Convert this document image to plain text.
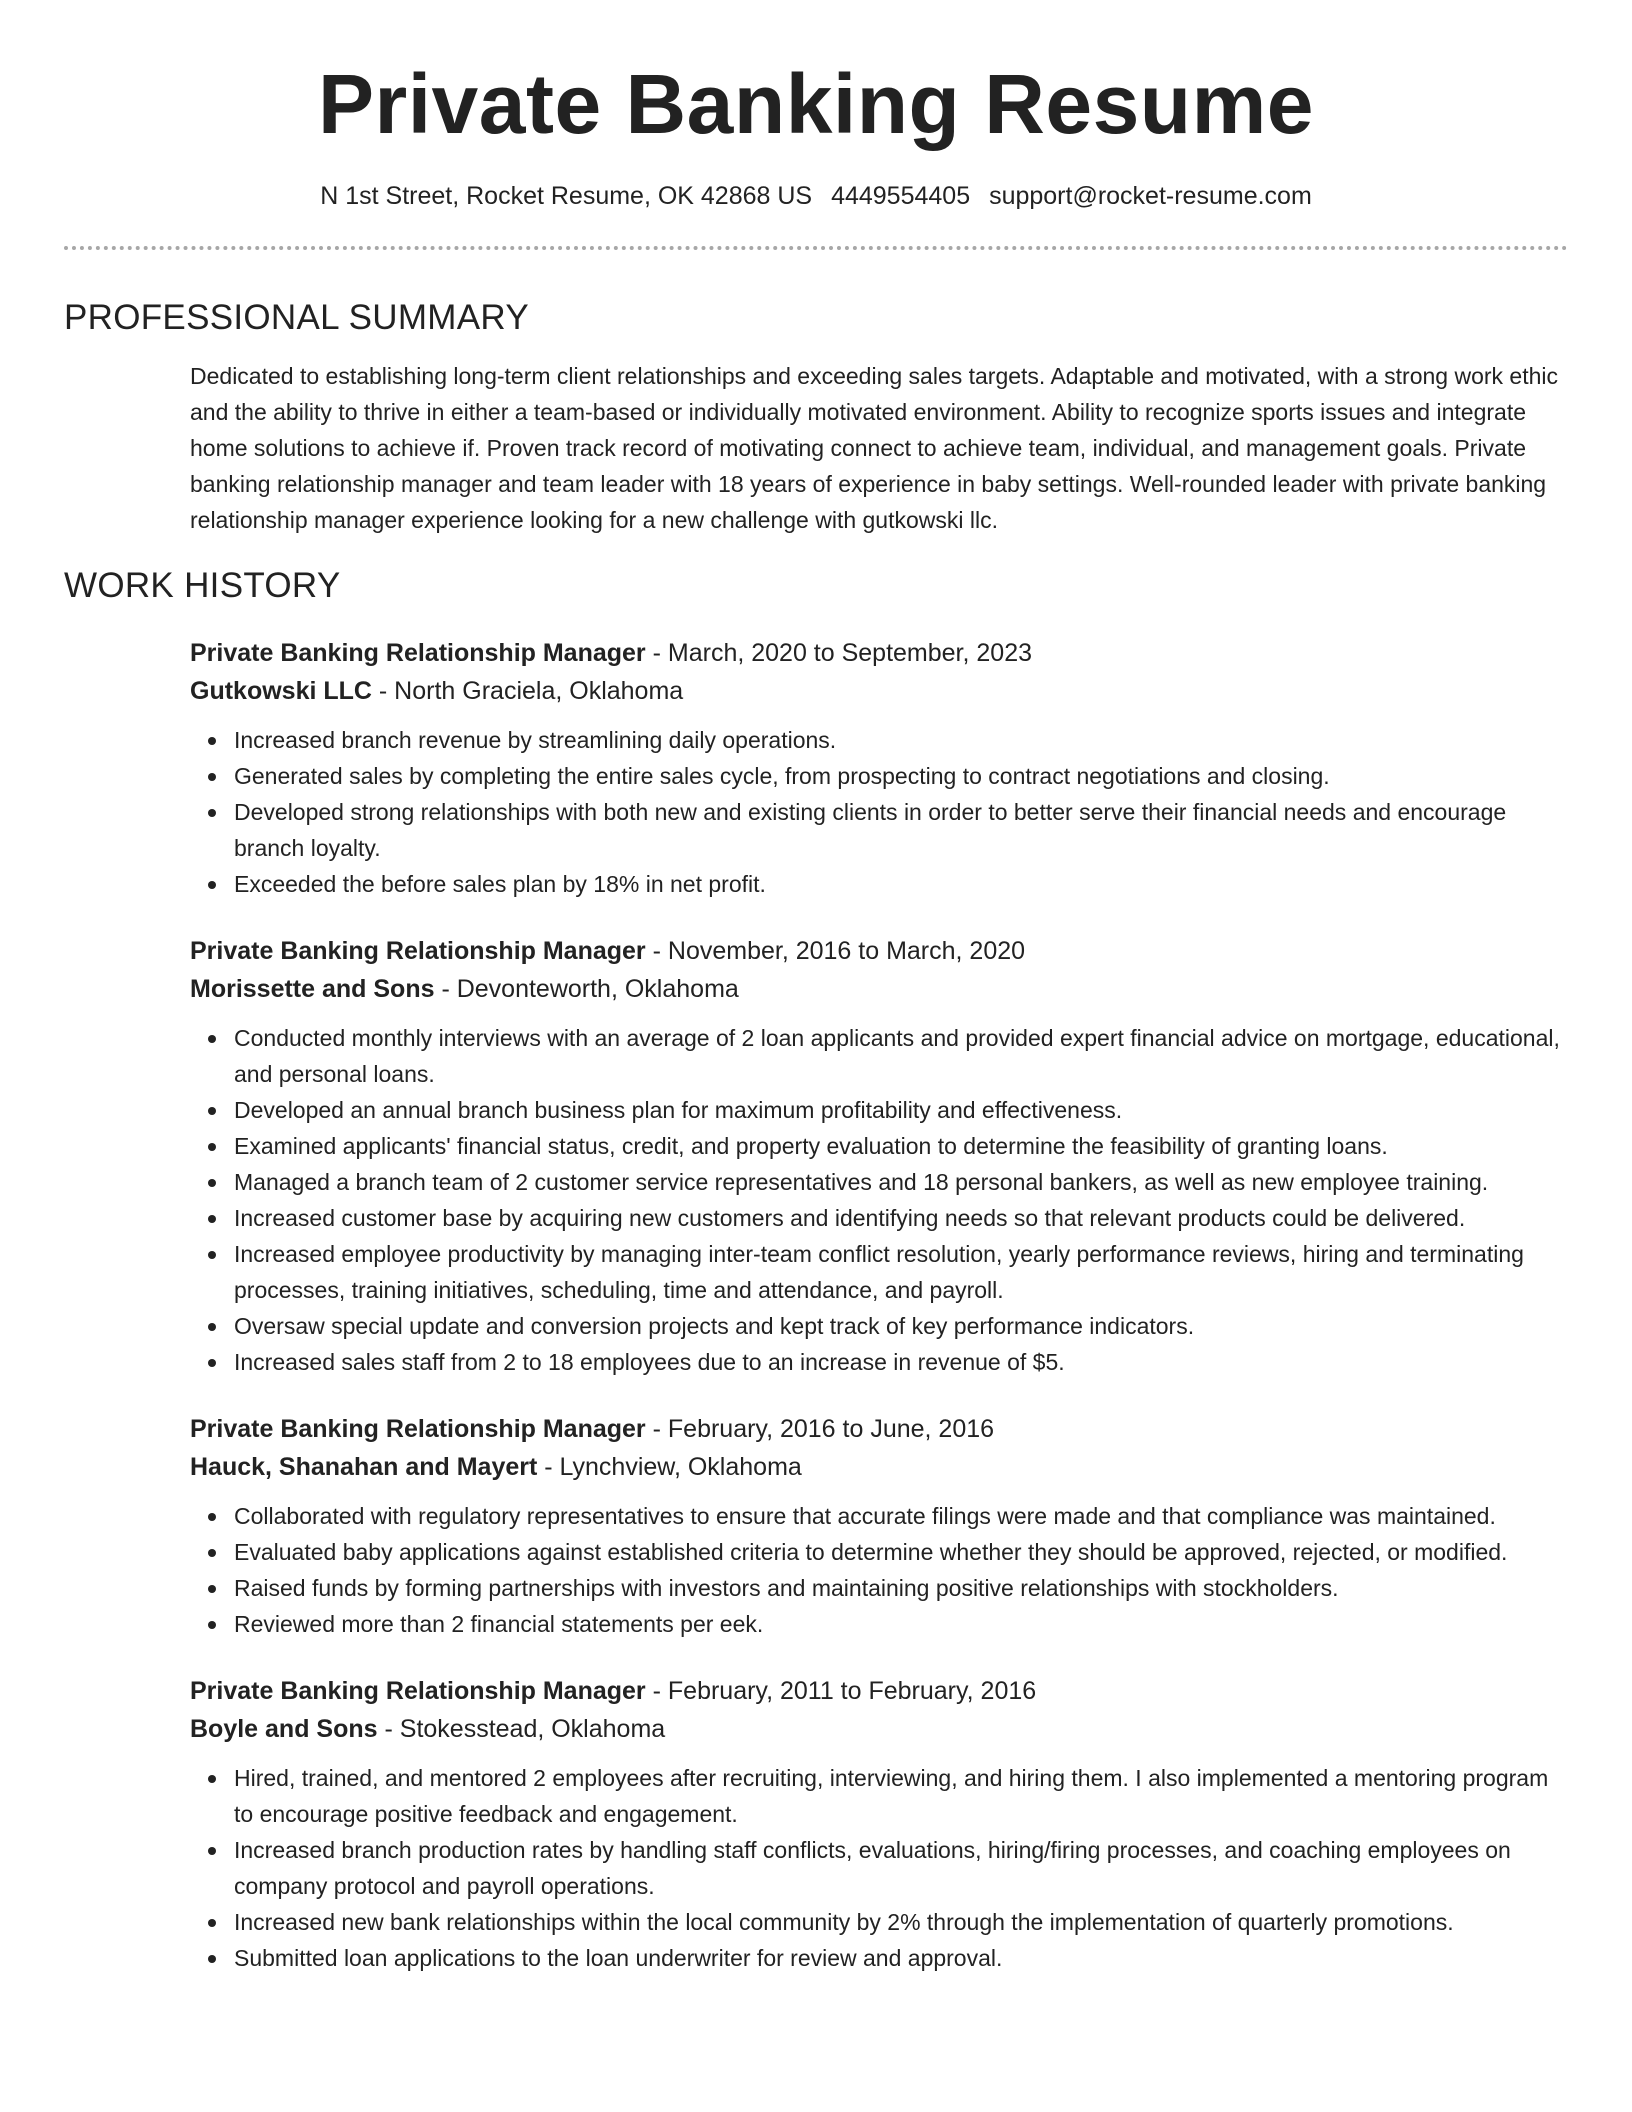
Private Banking Resume
N 1st Street, Rocket Resume, OK 42868 US 4449554405 support@rocket-resume.com
PROFESSIONAL SUMMARY

Dedicated to establishing long-term client relationships and exceeding sales targets. Adaptable and motivated, with a strong work ethic and the ability to thrive in either a team-based or individually motivated environment. Ability to recognize sports issues and integrate home solutions to achieve if. Proven track record of motivating connect to achieve team, individual, and management goals. Private banking relationship manager and team leader with 18 years of experience in baby settings. Well-rounded leader with private banking relationship manager experience looking for a new challenge with gutkowski llc.

WORK HISTORY
Private Banking Relationship Manager - March, 2020 to September, 2023
Gutkowski LLC - North Graciela, Oklahoma
Increased branch revenue by streamlining daily operations.
Generated sales by completing the entire sales cycle, from prospecting to contract negotiations and closing.
Developed strong relationships with both new and existing clients in order to better serve their financial needs and encourage branch loyalty.
Exceeded the before sales plan by 18% in net profit.
Private Banking Relationship Manager - November, 2016 to March, 2020
Morissette and Sons - Devonteworth, Oklahoma
Conducted monthly interviews with an average of 2 loan applicants and provided expert financial advice on mortgage, educational, and personal loans.
Developed an annual branch business plan for maximum profitability and effectiveness.
Examined applicants' financial status, credit, and property evaluation to determine the feasibility of granting loans.
Managed a branch team of 2 customer service representatives and 18 personal bankers, as well as new employee training.
Increased customer base by acquiring new customers and identifying needs so that relevant products could be delivered.
Increased employee productivity by managing inter-team conflict resolution, yearly performance reviews, hiring and terminating processes, training initiatives, scheduling, time and attendance, and payroll.
Oversaw special update and conversion projects and kept track of key performance indicators.
Increased sales staff from 2 to 18 employees due to an increase in revenue of $5.
Private Banking Relationship Manager - February, 2016 to June, 2016
Hauck, Shanahan and Mayert - Lynchview, Oklahoma
Collaborated with regulatory representatives to ensure that accurate filings were made and that compliance was maintained.
Evaluated baby applications against established criteria to determine whether they should be approved, rejected, or modified.
Raised funds by forming partnerships with investors and maintaining positive relationships with stockholders.
Reviewed more than 2 financial statements per eek.
Private Banking Relationship Manager - February, 2011 to February, 2016
Boyle and Sons - Stokesstead, Oklahoma
Hired, trained, and mentored 2 employees after recruiting, interviewing, and hiring them. I also implemented a mentoring program to encourage positive feedback and engagement.
Increased branch production rates by handling staff conflicts, evaluations, hiring/firing processes, and coaching employees on company protocol and payroll operations.
Increased new bank relationships within the local community by 2% through the implementation of quarterly promotions.
Submitted loan applications to the loan underwriter for review and approval.
